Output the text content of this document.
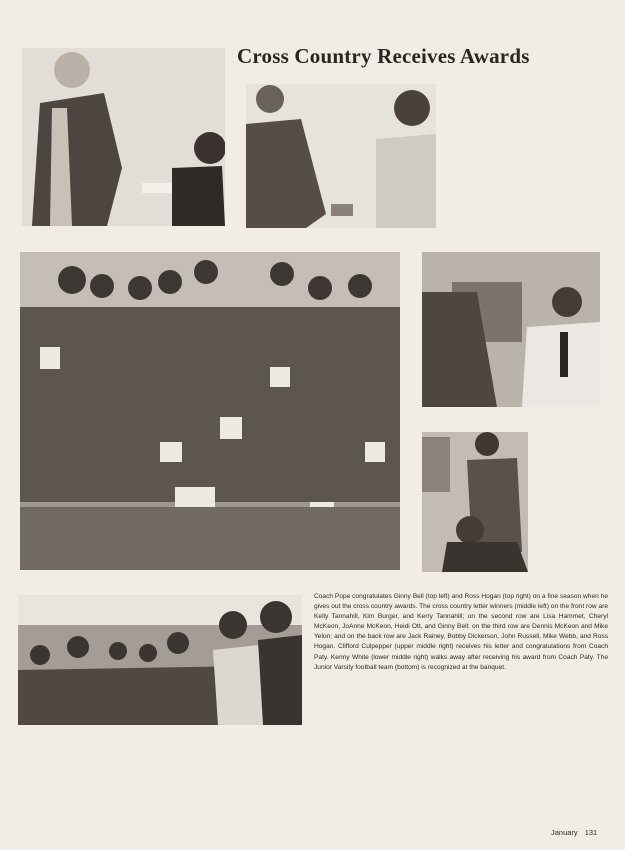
Cross Country Receives Awards
Coach Pope congratulates Ginny Bell (top left) and Ross Hogan (top right) on a fine season when he gives out the cross country awards. The cross country letter winners (middle left) on the front row are Kelly Tannahill, Kim Burger, and Kerry Tannahill; on the second row are Lisa Hammet, Cheryl McKeon, JoAnne McKeon, Heidi Ott, and Ginny Bell; on the third row are Dennis McKeon and Mike Yelon; and on the back row are Jack Rainey, Bobby Dickerson, John Russell, Mike Webb, and Ross Hogan. Clifford Culpepper (upper middle right) receives his letter and congratulations from Coach Paty. Kenny White (lower middle right) walks away after receiving his award from Coach Paty. The Junior Varsity football team (bottom) is recognized at the banquet.
January 131
